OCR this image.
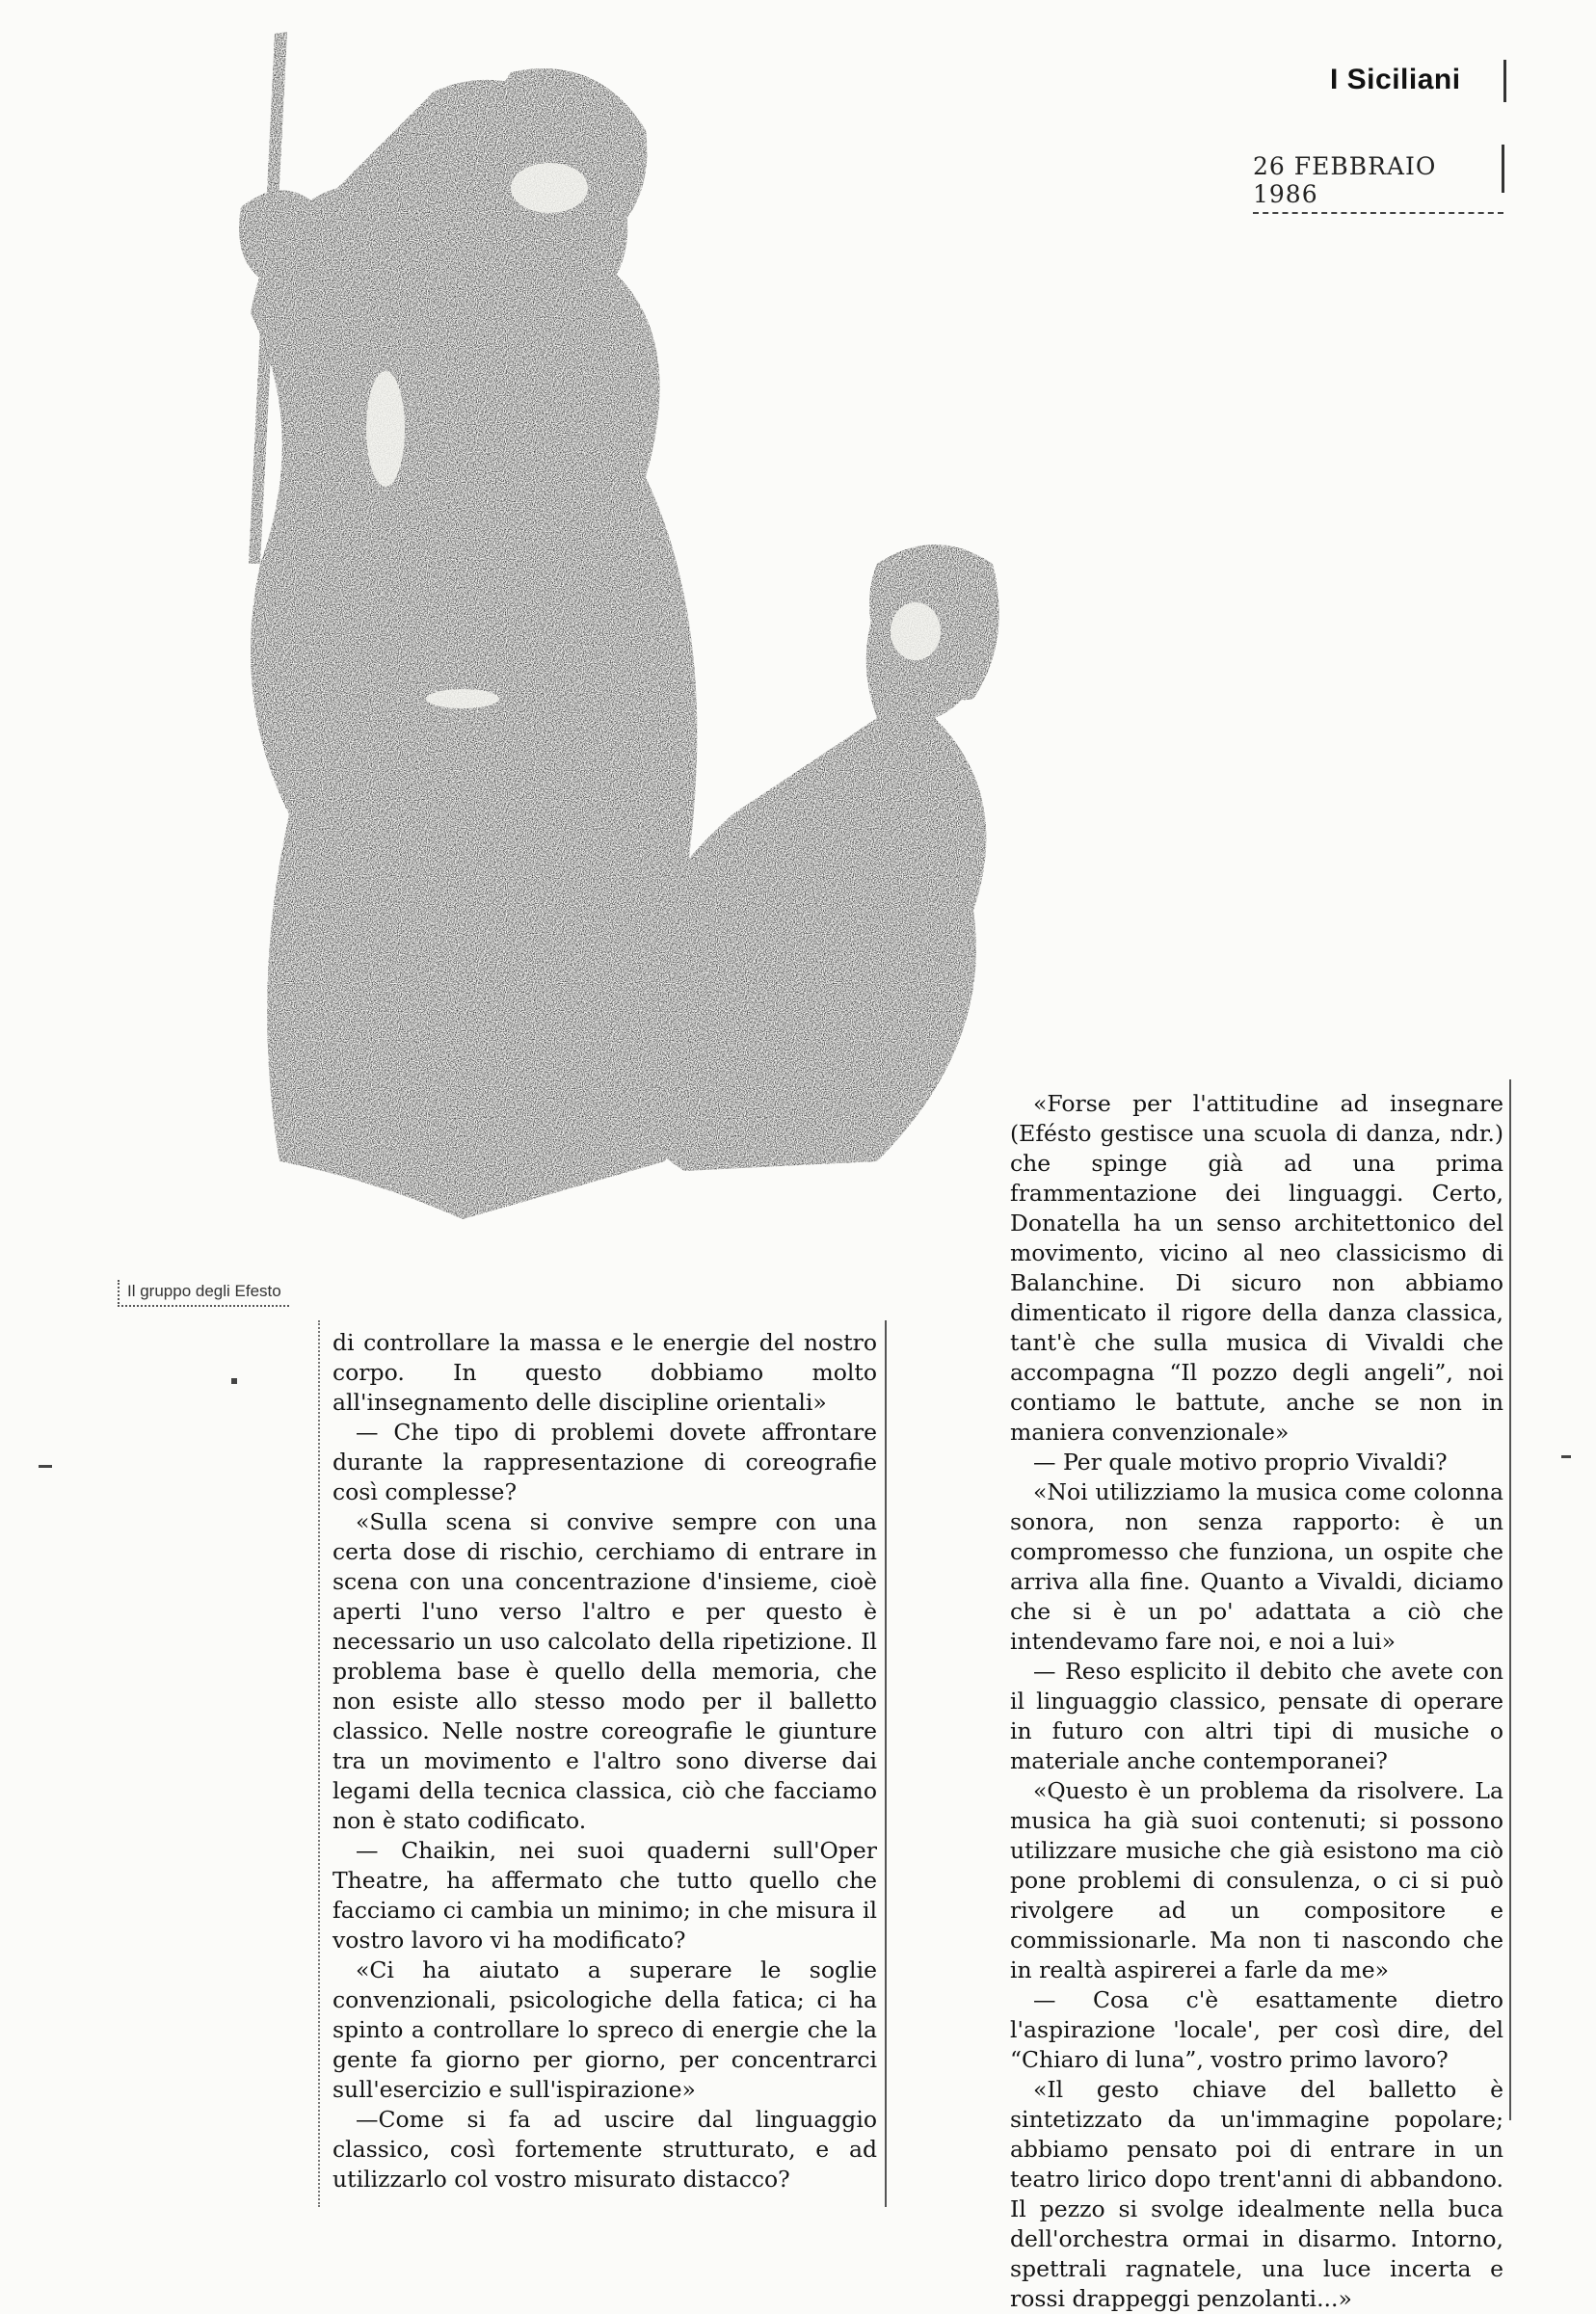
I Siciliani
26 FEBBRAIO 1986
Il gruppo degli Efesto

di controllare la massa e le energie del nostro corpo. In questo dobbiamo molto all'insegnamento delle discipline orientali»

— Che tipo di problemi dovete affrontare durante la rappresentazione di coreografie così complesse?

«Sulla scena si convive sempre con una certa dose di rischio, cerchiamo di entrare in scena con una concentrazione d'insieme, cioè aperti l'uno verso l'altro e per questo è necessario un uso calcolato della ripetizione. Il problema base è quello della memoria, che non esiste allo stesso modo per il balletto classico. Nelle nostre coreografie le giunture tra un movimento e l'altro sono diverse dai legami della tecnica classica, ciò che facciamo non è stato codificato.

— Chaikin, nei suoi quaderni sull'Oper Theatre, ha affermato che tutto quello che facciamo ci cambia un minimo; in che misura il vostro lavoro vi ha modificato?

«Ci ha aiutato a superare le soglie convenzionali, psicologiche della fatica; ci ha spinto a controllare lo spreco di energie che la gente fa giorno per giorno, per concentrarci sull'esercizio e sull'ispirazione»

—Come si fa ad uscire dal linguaggio classico, così fortemente strutturato, e ad utilizzarlo col vostro misurato distacco?

«Forse per l'attitudine ad insegnare (Eféstо gestisce una scuola di danza, ndr.) che spinge già ad una prima frammentazione dei linguaggi. Certo, Donatella ha un senso architettonico del movimento, vicino al neo classicismo di Balanchine. Di sicuro non abbiamo dimenticato il rigore della danza classica, tant'è che sulla musica di Vivaldi che accompagna “Il pozzo degli angeli”, noi contiamo le battute, anche se non in maniera convenzionale»

— Per quale motivo proprio Vivaldi?

«Noi utilizziamo la musica come colonna sonora, non senza rapporto: è un compromesso che funziona, un ospite che arriva alla fine. Quanto a Vivaldi, diciamo che si è un po' adattata a ciò che intendevamo fare noi, e noi a lui»

— Reso esplicito il debito che avete con il linguaggio classico, pensate di operare in futuro con altri tipi di musiche o materiale anche contemporanei?

«Questo è un problema da risolvere. La musica ha già suoi contenuti; si possono utilizzare musiche che già esistono ma ciò pone problemi di consulenza, o ci si può rivolgere ad un compositore e commissionarle. Ma non ti nascondo che in realtà aspirerei a farle da me»

— Cosa c'è esattamente dietro l'aspirazione 'locale', per così dire, del “Chiaro di luna”, vostro primo lavoro?

«Il gesto chiave del balletto è sintetizzato da un'immagine popolare; abbiamo pensato poi di entrare in un teatro lirico dopo trent'anni di abbandono. Il pezzo si svolge idealmente nella buca dell'orchestra ormai in disarmo. Intorno, spettrali ragnatele, una luce incerta e rossi drappeggi penzolanti...»
